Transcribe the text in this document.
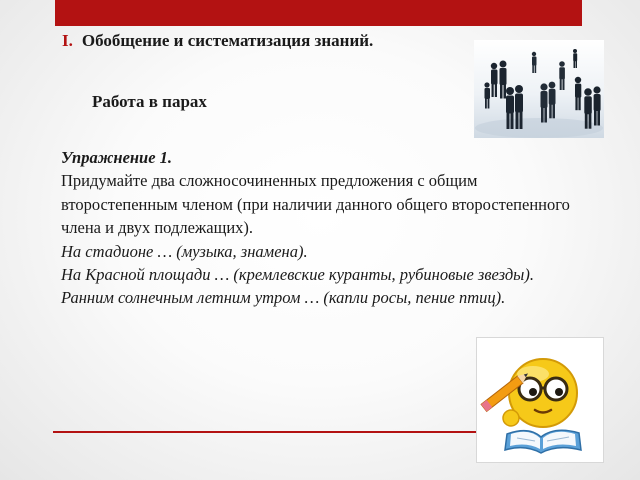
I. Обобщение и систематизация знаний.
Работа в парах

Упражнение 1.

Придумайте два сложносочиненных предложения с общим второстепенным членом (при наличии данного общего второстепенного члена и двух подлежащих).

На стадионе … (музыка, знамена).

На Красной площади … (кремлевские куранты, рубиновые звезды).

Ранним солнечным летним утром … (капли росы, пение птиц).
